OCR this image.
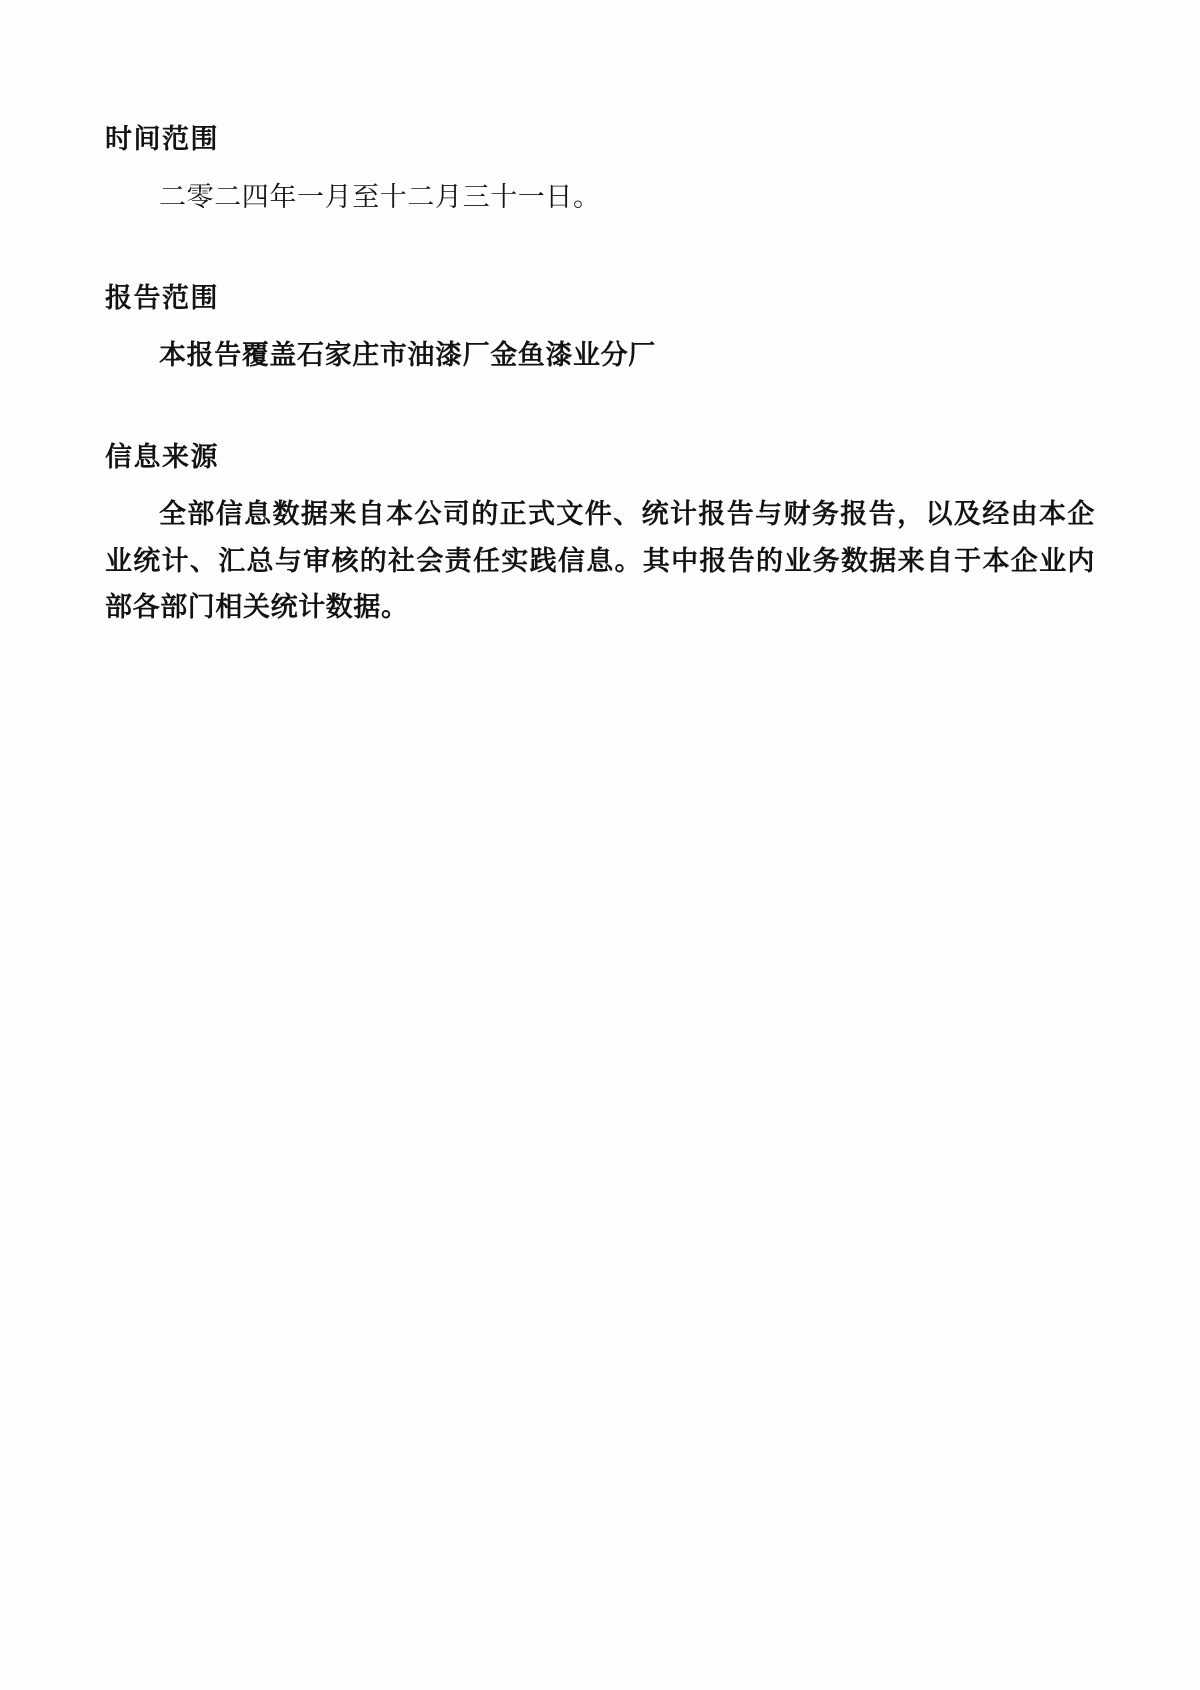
时间范围

二零二四年一月至十二月三十一日。

报告范围

本报告覆盖石家庄市油漆厂金鱼漆业分厂

信息来源

全部信息数据来自本公司的正式文件、统计报告与财务报告，以及经由本企业统计、汇总与审核的社会责任实践信息。其中报告的业务数据来自于本企业内部各部门相关统计数据。
